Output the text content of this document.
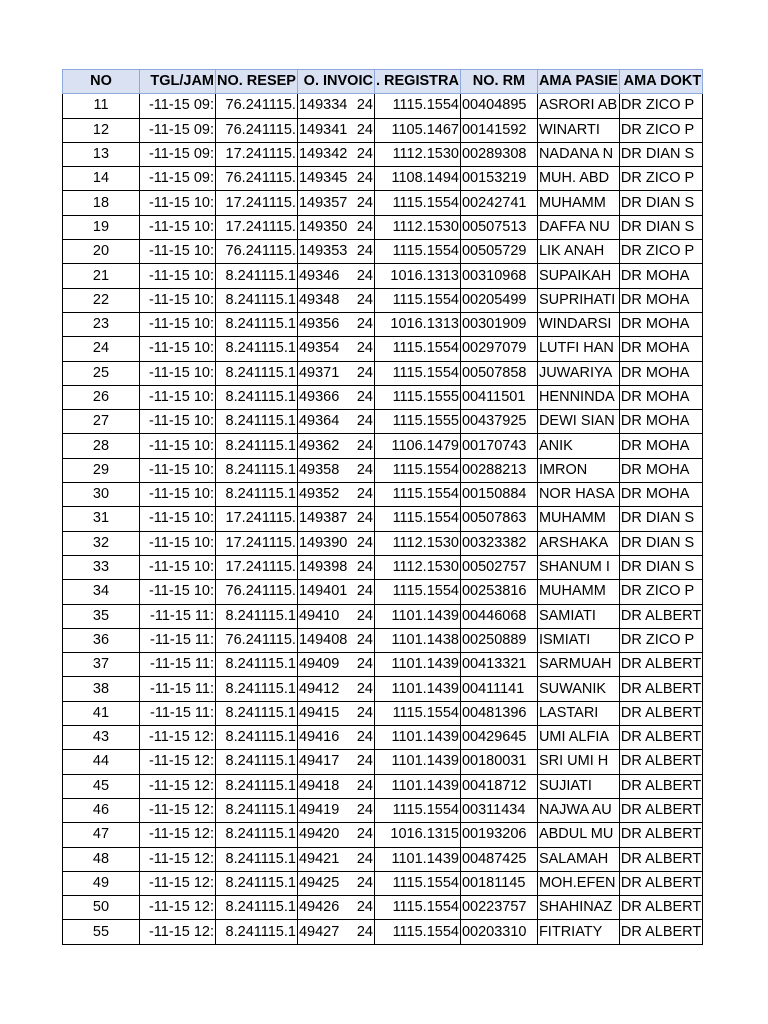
NO	TGL/JAM	NO. RESEP	O. INVOIC	. REGISTRA	NO. RM	AMA PASIE	AMA DOKT
11	-11-15 09:	76.241115.	149334 24	1115.1554	00404895	ASRORI AB	DR ZICO P
12	-11-15 09:	76.241115.	149341 24	1105.1467	00141592	WINARTI	DR ZICO P
13	-11-15 09:	17.241115.	149342 24	1112.1530	00289308	NADANA N	DR DIAN S
14	-11-15 09:	76.241115.	149345 24	1108.1494	00153219	MUH. ABD	DR ZICO P
18	-11-15 10:	17.241115.	149357 24	1115.1554	00242741	MUHAMM	DR DIAN S
19	-11-15 10:	17.241115.	149350 24	1112.1530	00507513	DAFFA NU	DR DIAN S
20	-11-15 10:	76.241115.	149353 24	1115.1554	00505729	LIK ANAH	DR ZICO P
21	-11-15 10:	8.241115.1	49346 24	1016.1313	00310968	SUPAIKAH	DR MOHA
22	-11-15 10:	8.241115.1	49348 24	1115.1554	00205499	SUPRIHATI	DR MOHA
23	-11-15 10:	8.241115.1	49356 24	1016.1313	00301909	WINDARSI	DR MOHA
24	-11-15 10:	8.241115.1	49354 24	1115.1554	00297079	LUTFI HAN	DR MOHA
25	-11-15 10:	8.241115.1	49371 24	1115.1554	00507858	JUWARIYA	DR MOHA
26	-11-15 10:	8.241115.1	49366 24	1115.1555	00411501	HENNINDA	DR MOHA
27	-11-15 10:	8.241115.1	49364 24	1115.1555	00437925	DEWI SIAN	DR MOHA
28	-11-15 10:	8.241115.1	49362 24	1106.1479	00170743	ANIK	DR MOHA
29	-11-15 10:	8.241115.1	49358 24	1115.1554	00288213	IMRON	DR MOHA
30	-11-15 10:	8.241115.1	49352 24	1115.1554	00150884	NOR HASA	DR MOHA
31	-11-15 10:	17.241115.	149387 24	1115.1554	00507863	MUHAMM	DR DIAN S
32	-11-15 10:	17.241115.	149390 24	1112.1530	00323382	ARSHAKA	DR DIAN S
33	-11-15 10:	17.241115.	149398 24	1112.1530	00502757	SHANUM I	DR DIAN S
34	-11-15 10:	76.241115.	149401 24	1115.1554	00253816	MUHAMM	DR ZICO P
35	-11-15 11:	8.241115.1	49410 24	1101.1439	00446068	SAMIATI	DR ALBERT
36	-11-15 11:	76.241115.	149408 24	1101.1438	00250889	ISMIATI	DR ZICO P
37	-11-15 11:	8.241115.1	49409 24	1101.1439	00413321	SARMUAH	DR ALBERT
38	-11-15 11:	8.241115.1	49412 24	1101.1439	00411141	SUWANIK	DR ALBERT
41	-11-15 11:	8.241115.1	49415 24	1115.1554	00481396	LASTARI	DR ALBERT
43	-11-15 12:	8.241115.1	49416 24	1101.1439	00429645	UMI ALFIA	DR ALBERT
44	-11-15 12:	8.241115.1	49417 24	1101.1439	00180031	SRI UMI H	DR ALBERT
45	-11-15 12:	8.241115.1	49418 24	1101.1439	00418712	SUJIATI	DR ALBERT
46	-11-15 12:	8.241115.1	49419 24	1115.1554	00311434	NAJWA AU	DR ALBERT
47	-11-15 12:	8.241115.1	49420 24	1016.1315	00193206	ABDUL MU	DR ALBERT
48	-11-15 12:	8.241115.1	49421 24	1101.1439	00487425	SALAMAH	DR ALBERT
49	-11-15 12:	8.241115.1	49425 24	1115.1554	00181145	MOH.EFEN	DR ALBERT
50	-11-15 12:	8.241115.1	49426 24	1115.1554	00223757	SHAHINAZ	DR ALBERT
55	-11-15 12:	8.241115.1	49427 24	1115.1554	00203310	FITRIATY	DR ALBERT
